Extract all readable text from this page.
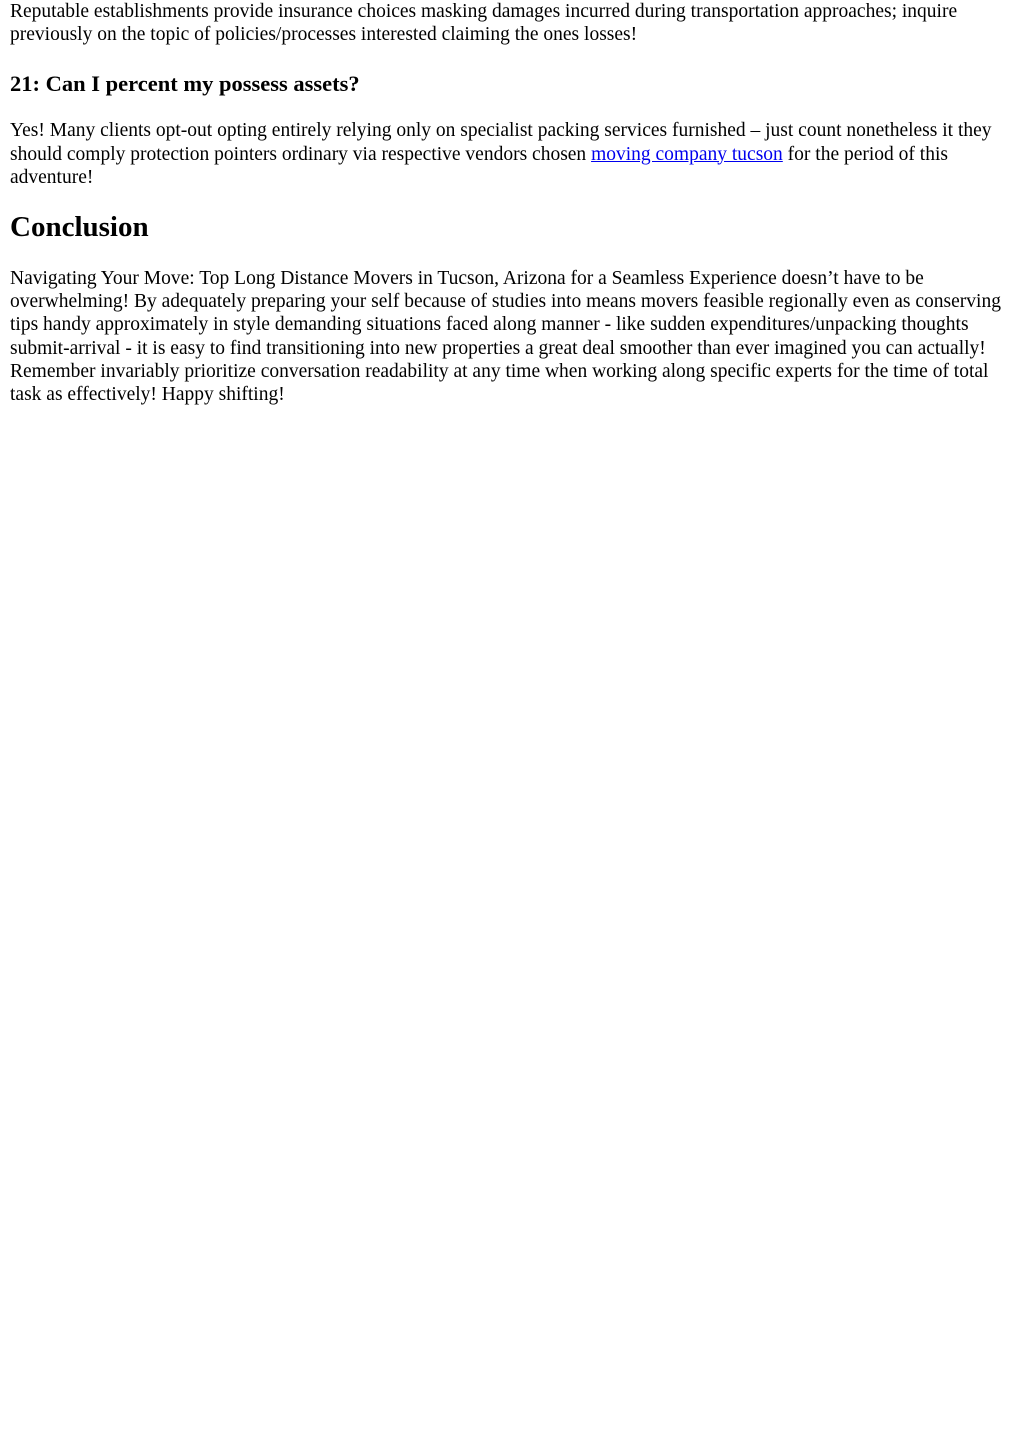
Reputable establishments provide insurance choices masking damages incurred during transportation approaches; inquire previously on the topic of policies/processes interested claiming the ones losses!

21: Can I percent my possess assets?

Yes! Many clients opt-out opting entirely relying only on specialist packing services furnished – just count nonetheless it they should comply protection pointers ordinary via respective vendors chosen moving company tucson for the period of this adventure!

Conclusion

Navigating Your Move: Top Long Distance Movers in Tucson, Arizona for a Seamless Experience doesn’t have to be overwhelming! By adequately preparing your self because of studies into means movers feasible regionally even as conserving tips handy approximately in style demanding situations faced along manner - like sudden expenditures/unpacking thoughts submit-arrival - it is easy to find transitioning into new properties a great deal smoother than ever imagined you can actually! Remember invariably prioritize conversation readability at any time when working along specific experts for the time of total task as effectively! Happy shifting!
